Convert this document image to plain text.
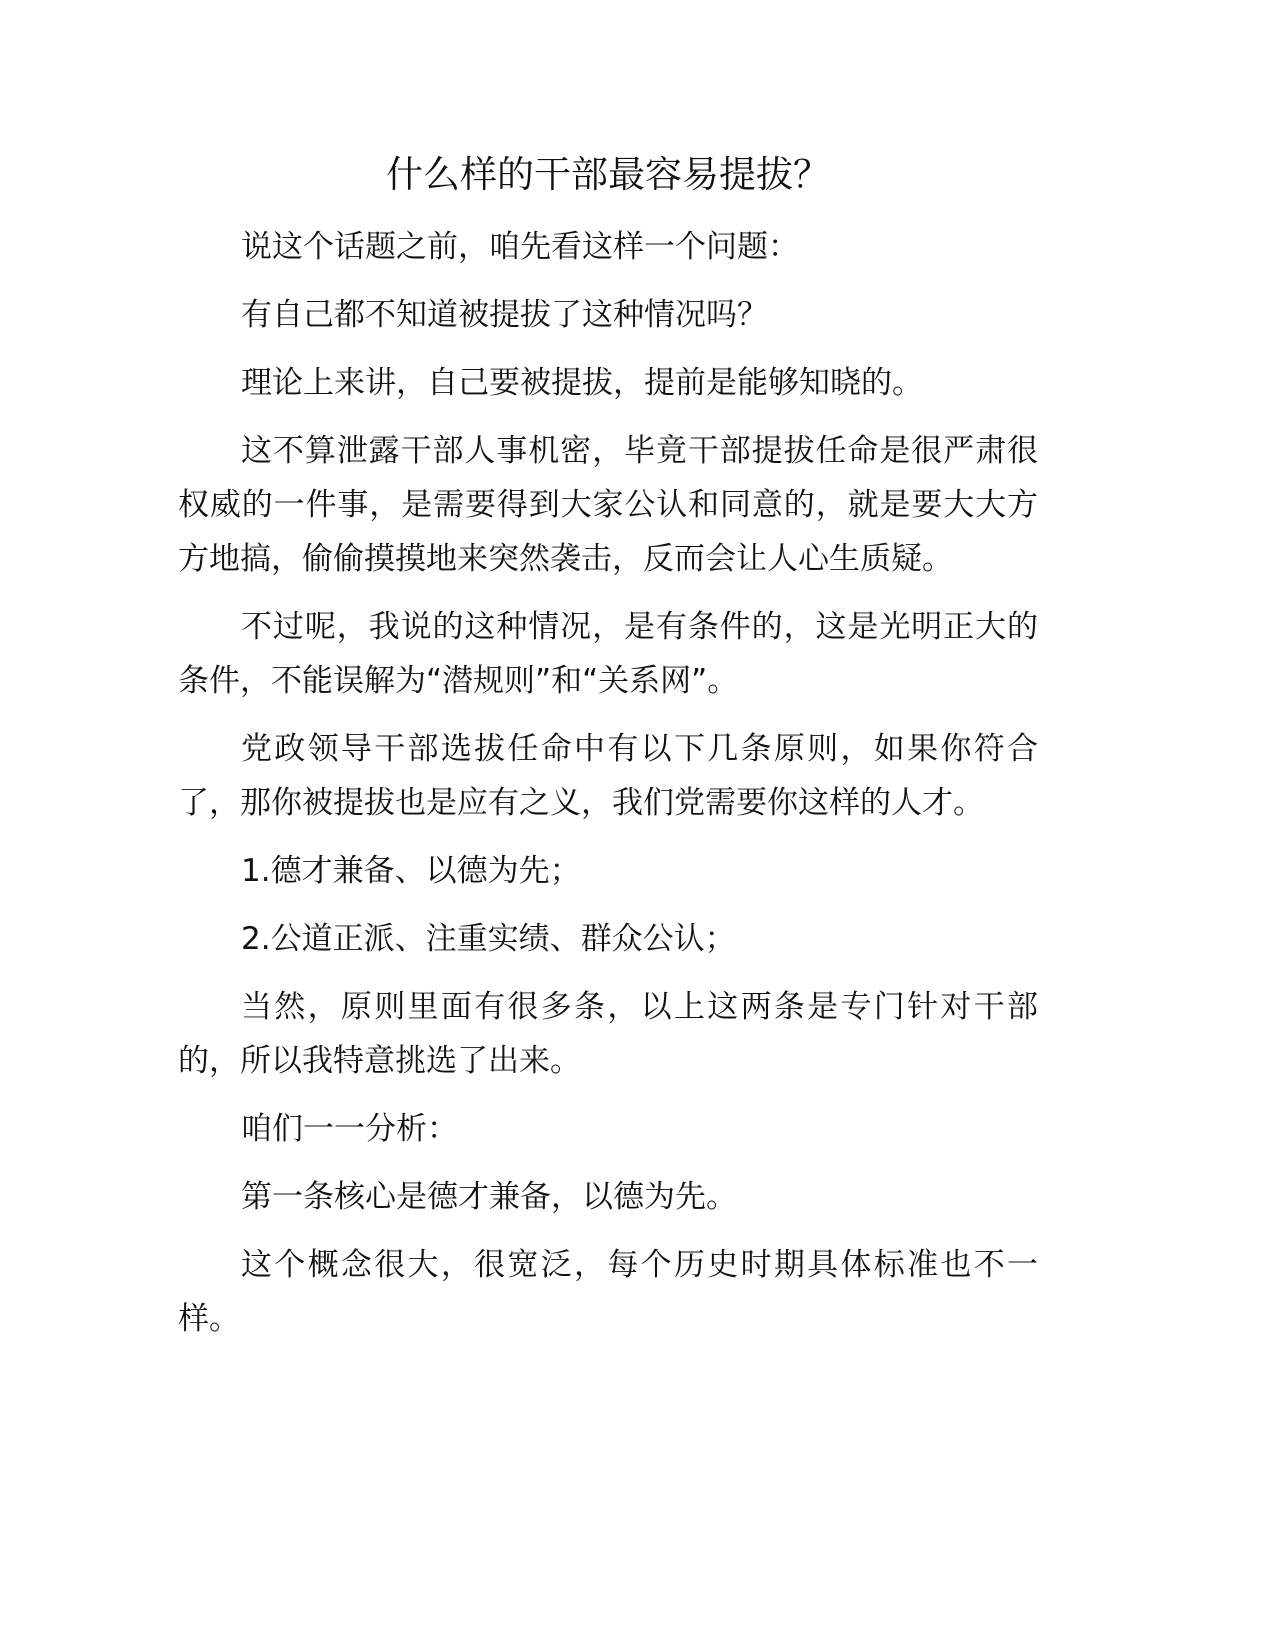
什么样的干部最容易提拔？

说这个话题之前，咱先看这样一个问题：

有自己都不知道被提拔了这种情况吗？

理论上来讲，自己要被提拔，提前是能够知晓的。

这不算泄露干部人事机密，毕竟干部提拔任命是很严肃很权威的一件事，是需要得到大家公认和同意的，就是要大大方方地搞，偷偷摸摸地来突然袭击，反而会让人心生质疑。

不过呢，我说的这种情况，是有条件的，这是光明正大的条件，不能误解为“潜规则”和“关系网”。

党政领导干部选拔任命中有以下几条原则，如果你符合了，那你被提拔也是应有之义，我们党需要你这样的人才。

1.德才兼备、以德为先；

2.公道正派、注重实绩、群众公认；

当然，原则里面有很多条，以上这两条是专门针对干部的，所以我特意挑选了出来。

咱们一一分析：

第一条核心是德才兼备，以德为先。

这个概念很大，很宽泛，每个历史时期具体标准也不一样。
